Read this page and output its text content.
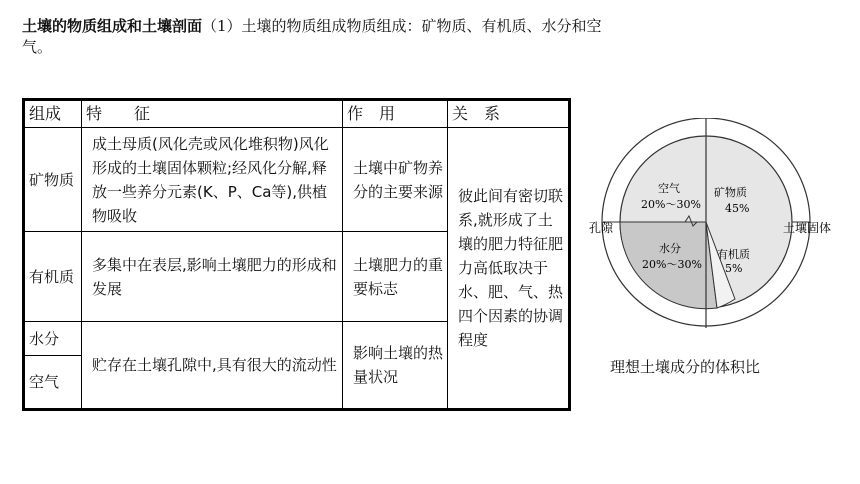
土壤的物质组成和土壤剖面（1）土壤的物质组成物质组成：矿物质、有机质、水分和空气。
组成	特　　征	作　用	关　系
矿物质	成土母质(风化壳或风化堆积物)风化形成的土壤固体颗粒;经风化分解,释放一些养分元素(K、P、Ca等),供植物吸收	土壤中矿物养分的主要来源	彼此间有密切联系,就形成了土壤的肥力特征肥力高低取决于水、肥、气、热四个因素的协调程度
有机质	多集中在表层,影响土壤肥力的形成和发展	土壤肥力的重要标志	
水分	贮存在土壤孔隙中,具有很大的流动性	影响土壤的热量状况	
空气			
孔隙	土壤固体
空气
20%～30%
矿物质
45%
水分
20%～30%
有机质
5%
理想土壤成分的体积比
